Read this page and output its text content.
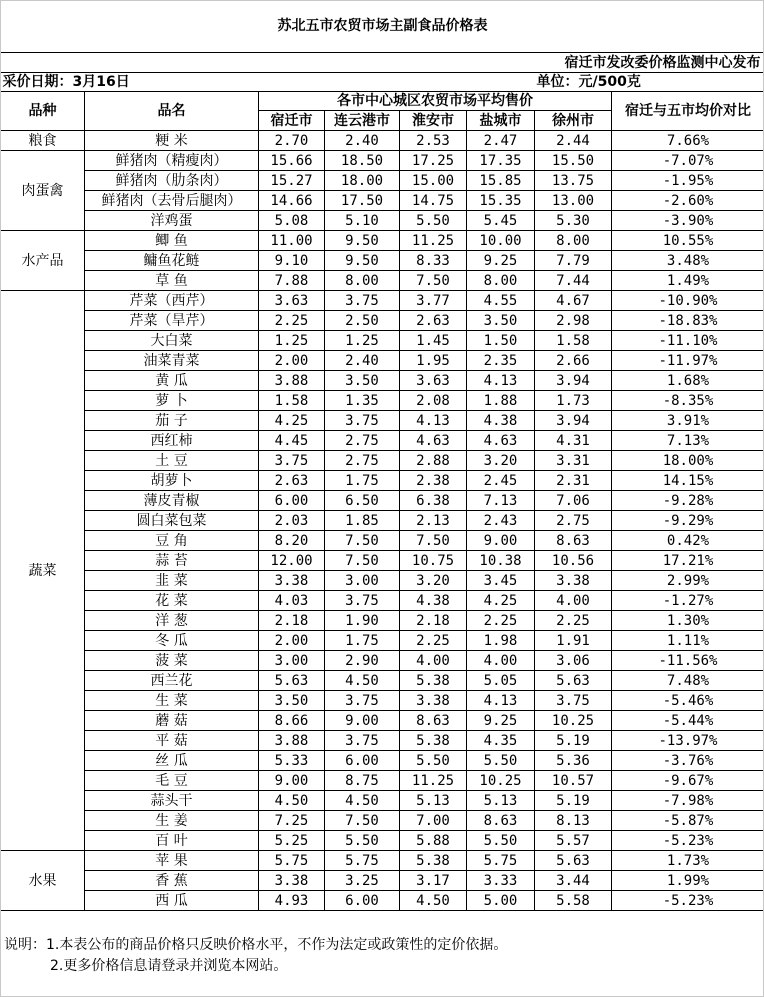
苏北五市农贸市场主副食品价格表							
宿迁市发改委价格监测中心发布							
采价日期：3月16日						单位：元/500克	
品种	品名	各市中心城区农贸市场平均售价					宿迁与五市均价对比
		宿迁市	连云港市	淮安市	盐城市	徐州市	
粮食	粳 米	2.70	2.40	2.53	2.47	2.44	7.66%
肉蛋禽	鲜猪肉（精瘦肉）	15.66	18.50	17.25	17.35	15.50	-7.07%
	鲜猪肉（肋条肉）	15.27	18.00	15.00	15.85	13.75	-1.95%
	鲜猪肉（去骨后腿肉）	14.66	17.50	14.75	15.35	13.00	-2.60%
	洋鸡蛋	5.08	5.10	5.50	5.45	5.30	-3.90%
水产品	鲫 鱼	11.00	9.50	11.25	10.00	8.00	10.55%
	鳙鱼花鲢	9.10	9.50	8.33	9.25	7.79	3.48%
	草 鱼	7.88	8.00	7.50	8.00	7.44	1.49%
蔬菜	芹菜（西芹）	3.63	3.75	3.77	4.55	4.67	-10.90%
	芹菜（旱芹）	2.25	2.50	2.63	3.50	2.98	-18.83%
	大白菜	1.25	1.25	1.45	1.50	1.58	-11.10%
	油菜青菜	2.00	2.40	1.95	2.35	2.66	-11.97%
	黄 瓜	3.88	3.50	3.63	4.13	3.94	1.68%
	萝 卜	1.58	1.35	2.08	1.88	1.73	-8.35%
	茄 子	4.25	3.75	4.13	4.38	3.94	3.91%
	西红柿	4.45	2.75	4.63	4.63	4.31	7.13%
	土 豆	3.75	2.75	2.88	3.20	3.31	18.00%
	胡萝卜	2.63	1.75	2.38	2.45	2.31	14.15%
	薄皮青椒	6.00	6.50	6.38	7.13	7.06	-9.28%
	圆白菜包菜	2.03	1.85	2.13	2.43	2.75	-9.29%
	豆 角	8.20	7.50	7.50	9.00	8.63	0.42%
	蒜 苔	12.00	7.50	10.75	10.38	10.56	17.21%
	韭 菜	3.38	3.00	3.20	3.45	3.38	2.99%
	花 菜	4.03	3.75	4.38	4.25	4.00	-1.27%
	洋 葱	2.18	1.90	2.18	2.25	2.25	1.30%
	冬 瓜	2.00	1.75	2.25	1.98	1.91	1.11%
	菠 菜	3.00	2.90	4.00	4.00	3.06	-11.56%
	西兰花	5.63	4.50	5.38	5.05	5.63	7.48%
	生 菜	3.50	3.75	3.38	4.13	3.75	-5.46%
	蘑 菇	8.66	9.00	8.63	9.25	10.25	-5.44%
	平 菇	3.88	3.75	5.38	4.35	5.19	-13.97%
	丝 瓜	5.33	6.00	5.50	5.50	5.36	-3.76%
	毛 豆	9.00	8.75	11.25	10.25	10.57	-9.67%
	蒜头干	4.50	4.50	5.13	5.13	5.19	-7.98%
	生 姜	7.25	7.50	7.00	8.63	8.13	-5.87%
	百 叶	5.25	5.50	5.88	5.50	5.57	-5.23%
水果	苹 果	5.75	5.75	5.38	5.75	5.63	1.73%
	香 蕉	3.38	3.25	3.17	3.33	3.44	1.99%
	西 瓜	4.93	6.00	4.50	5.00	5.58	-5.23%
说明：1.本表公布的商品价格只反映价格水平，不作为法定或政策性的定价依据。
2.更多价格信息请登录并浏览本网站。
